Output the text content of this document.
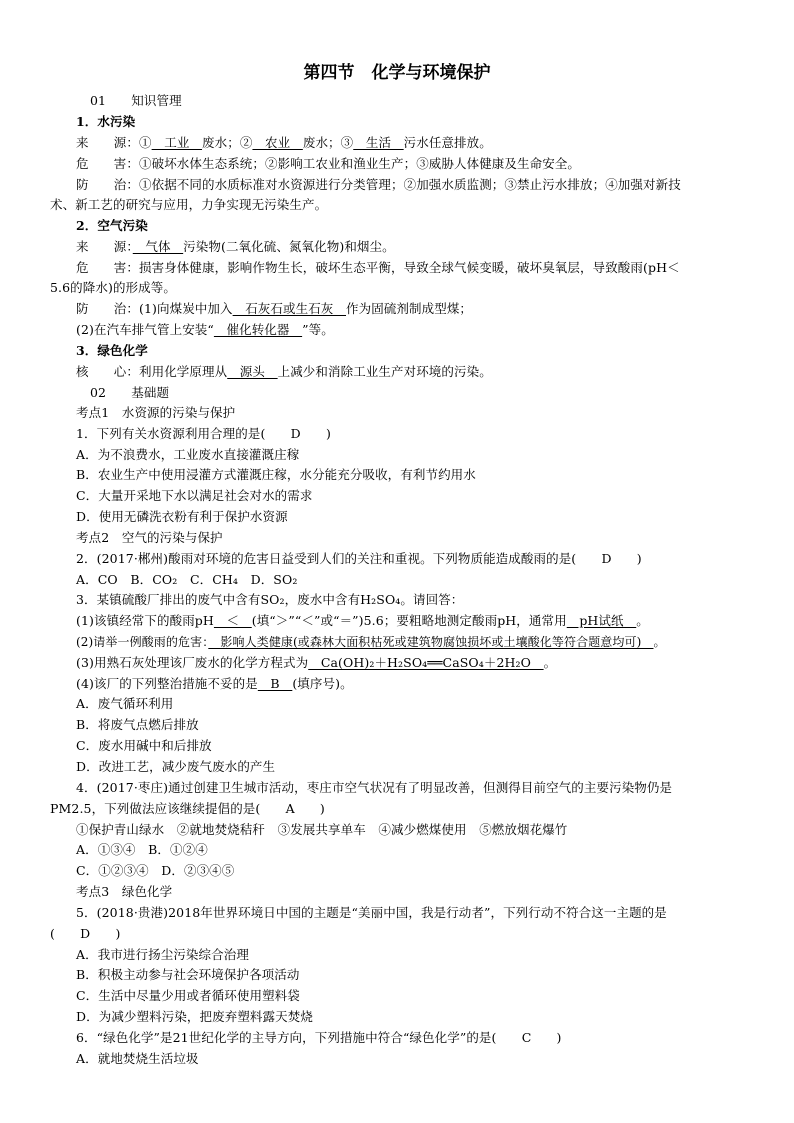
第四节　化学与环境保护
01　　知识管理
1．水污染
来　　源：①　工业　废水；②　农业　废水；③　生活　污水任意排放。
危　　害：①破坏水体生态系统；②影响工农业和渔业生产；③威胁人体健康及生命安全。
防　　治：①依据不同的水质标准对水资源进行分类管理；②加强水质监测；③禁止污水排放；④加强对新技
术、新工艺的研究与应用，力争实现无污染生产。
2．空气污染
来　　源：　气体　污染物(二氧化硫、氮氧化物)和烟尘。
危　　害：损害身体健康，影响作物生长，破坏生态平衡，导致全球气候变暖，破坏臭氧层，导致酸雨(pH＜
5.6的降水)的形成等。
防　　治：(1)向煤炭中加入　石灰石或生石灰　作为固硫剂制成型煤；
(2)在汽车排气管上安装“　催化转化器　”等。
3．绿色化学
核　　心：利用化学原理从　源头　上减少和消除工业生产对环境的污染。
02　　基础题
考点1　水资源的污染与保护
1．下列有关水资源利用合理的是(　　D　　)
A．为不浪费水，工业废水直接灌溉庄稼
B．农业生产中使用浸灌方式灌溉庄稼，水分能充分吸收，有利节约用水
C．大量开采地下水以满足社会对水的需求
D．使用无磷洗衣粉有利于保护水资源
考点2　空气的污染与保护
2．(2017·郴州)酸雨对环境的危害日益受到人们的关注和重视。下列物质能造成酸雨的是(　　D　　)
A．CO　B．CO₂　C．CH₄　D．SO₂
3．某镇硫酸厂排出的废气中含有SO₂，废水中含有H₂SO₄。请回答：
(1)该镇经常下的酸雨pH　＜　(填“＞”“＜”或“＝”)5.6；要粗略地测定酸雨pH，通常用　pH试纸　。
(2)请举一例酸雨的危害：　影响人类健康(或森林大面积枯死或建筑物腐蚀损坏或土壤酸化等符合题意均可)　。
(3)用熟石灰处理该厂废水的化学方程式为　Ca(OH)₂＋H₂SO₄══CaSO₄＋2H₂O　。
(4)该厂的下列整治措施不妥的是　B　(填序号)。
A．废气循环利用
B．将废气点燃后排放
C．废水用碱中和后排放
D．改进工艺，减少废气废水的产生
4．(2017·枣庄)通过创建卫生城市活动，枣庄市空气状况有了明显改善，但测得目前空气的主要污染物仍是
PM2.5，下列做法应该继续提倡的是(　　A　　)
①保护青山绿水　②就地焚烧秸秆　③发展共享单车　④减少燃煤使用　⑤燃放烟花爆竹
A．①③④　B．①②④
C．①②③④　D．②③④⑤
考点3　绿色化学
5．(2018·贵港)2018年世界环境日中国的主题是“美丽中国，我是行动者”，下列行动不符合这一主题的是
(　　D　　)
A．我市进行扬尘污染综合治理
B．积极主动参与社会环境保护各项活动
C．生活中尽量少用或者循环使用塑料袋
D．为减少塑料污染，把废弃塑料露天焚烧
6．“绿色化学”是21世纪化学的主导方向，下列措施中符合“绿色化学”的是(　　C　　)
A．就地焚烧生活垃圾
